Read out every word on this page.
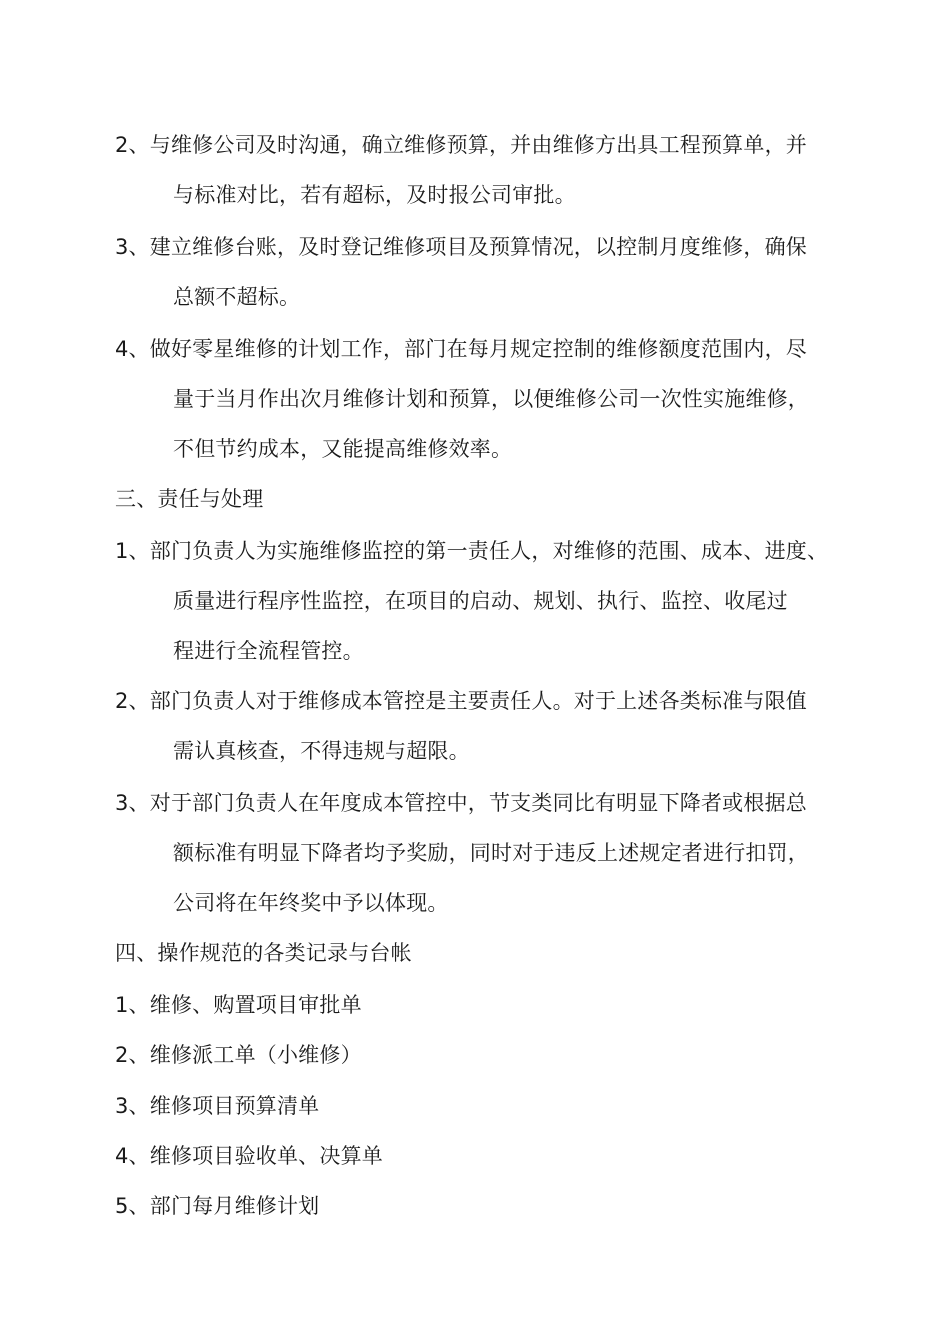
2、与维修公司及时沟通，确立维修预算，并由维修方出具工程预算单，并
与标准对比，若有超标，及时报公司审批。
3、建立维修台账，及时登记维修项目及预算情况，以控制月度维修，确保
总额不超标。
4、做好零星维修的计划工作，部门在每月规定控制的维修额度范围内，尽
量于当月作出次月维修计划和预算，以便维修公司一次性实施维修，
不但节约成本，又能提高维修效率。
三、责任与处理
1、部门负责人为实施维修监控的第一责任人，对维修的范围、成本、进度、
质量进行程序性监控，在项目的启动、规划、执行、监控、收尾过
程进行全流程管控。
2、部门负责人对于维修成本管控是主要责任人。对于上述各类标准与限值
需认真核查，不得违规与超限。
3、对于部门负责人在年度成本管控中，节支类同比有明显下降者或根据总
额标准有明显下降者均予奖励，同时对于违反上述规定者进行扣罚，
公司将在年终奖中予以体现。
四、操作规范的各类记录与台帐
1、维修、购置项目审批单
2、维修派工单（小维修）
3、维修项目预算清单
4、维修项目验收单、决算单
5、部门每月维修计划
